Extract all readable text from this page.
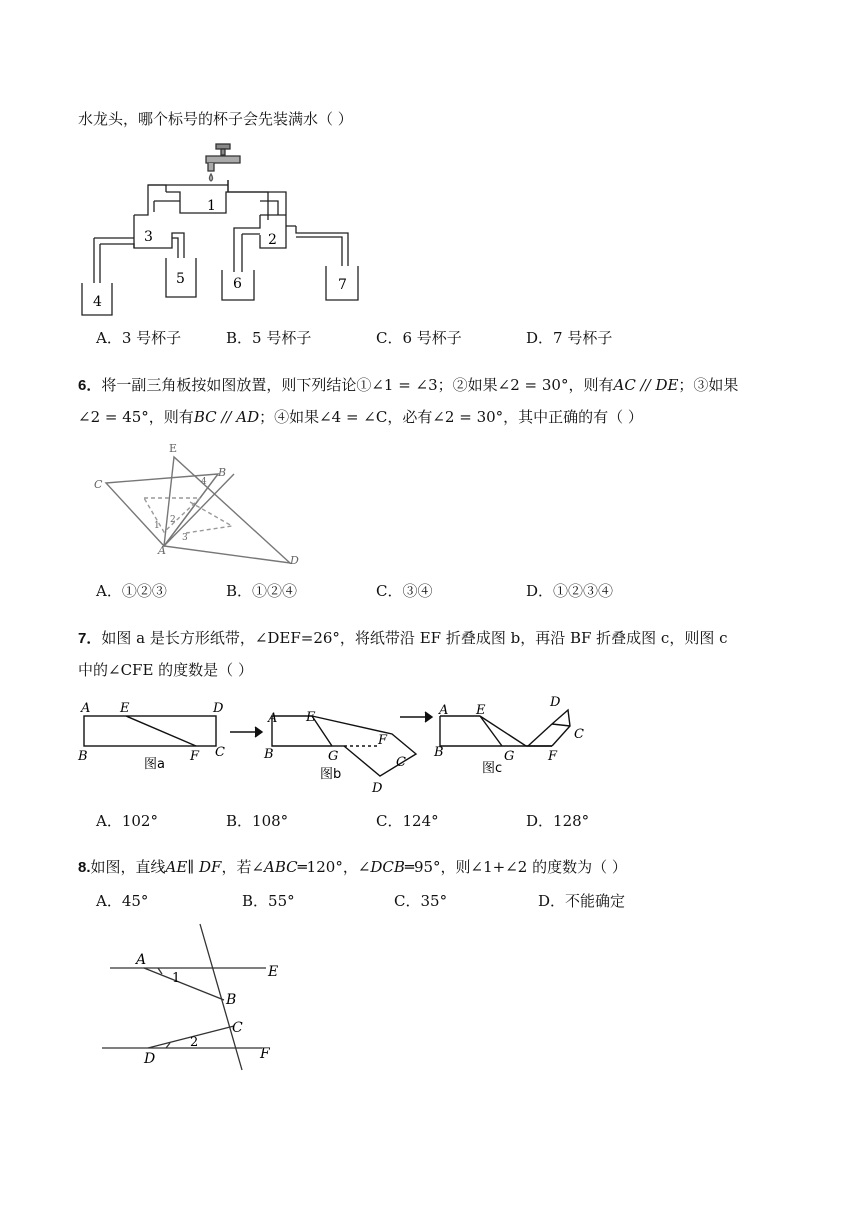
水龙头，哪个标号的杯子会先装满水（ ）
1
2
3
4
5	6	7
A．3 号杯子	B．5 号杯子	C．6 号杯子	D．7 号杯子
6．将一副三角板按如图放置，则下列结论①∠1 = ∠3；②如果∠2 = 30°，则有AC // DE；③如果
∠2 = 45°，则有BC // AD；④如果∠4 = ∠C，必有∠2 = 30°，其中正确的有（ ）
E
B
C
A
D
1
2
3
4
A．①②③	B．①②④	C．③④	D．①②③④
7．如图 a 是长方形纸带，∠DEF=26°，将纸带沿 EF 折叠成图 b，再沿 BF 折叠成图 c，则图 c
中的∠CFE 的度数是（ ）
A
B
E	D
F C
图a
A
B
E
G
F
C
D
图b
A
B
E
G	F
D
C
图c
A．102°	B．108°	C．124°	D．128°
8.如图，直线AE∥ DF，若∠ABC═120°，∠DCB═95°，则∠1+∠2 的度数为（ ）
A．45°	B．55°	C．35°	D．不能确定
A
E
B
C
D	F
1
2
